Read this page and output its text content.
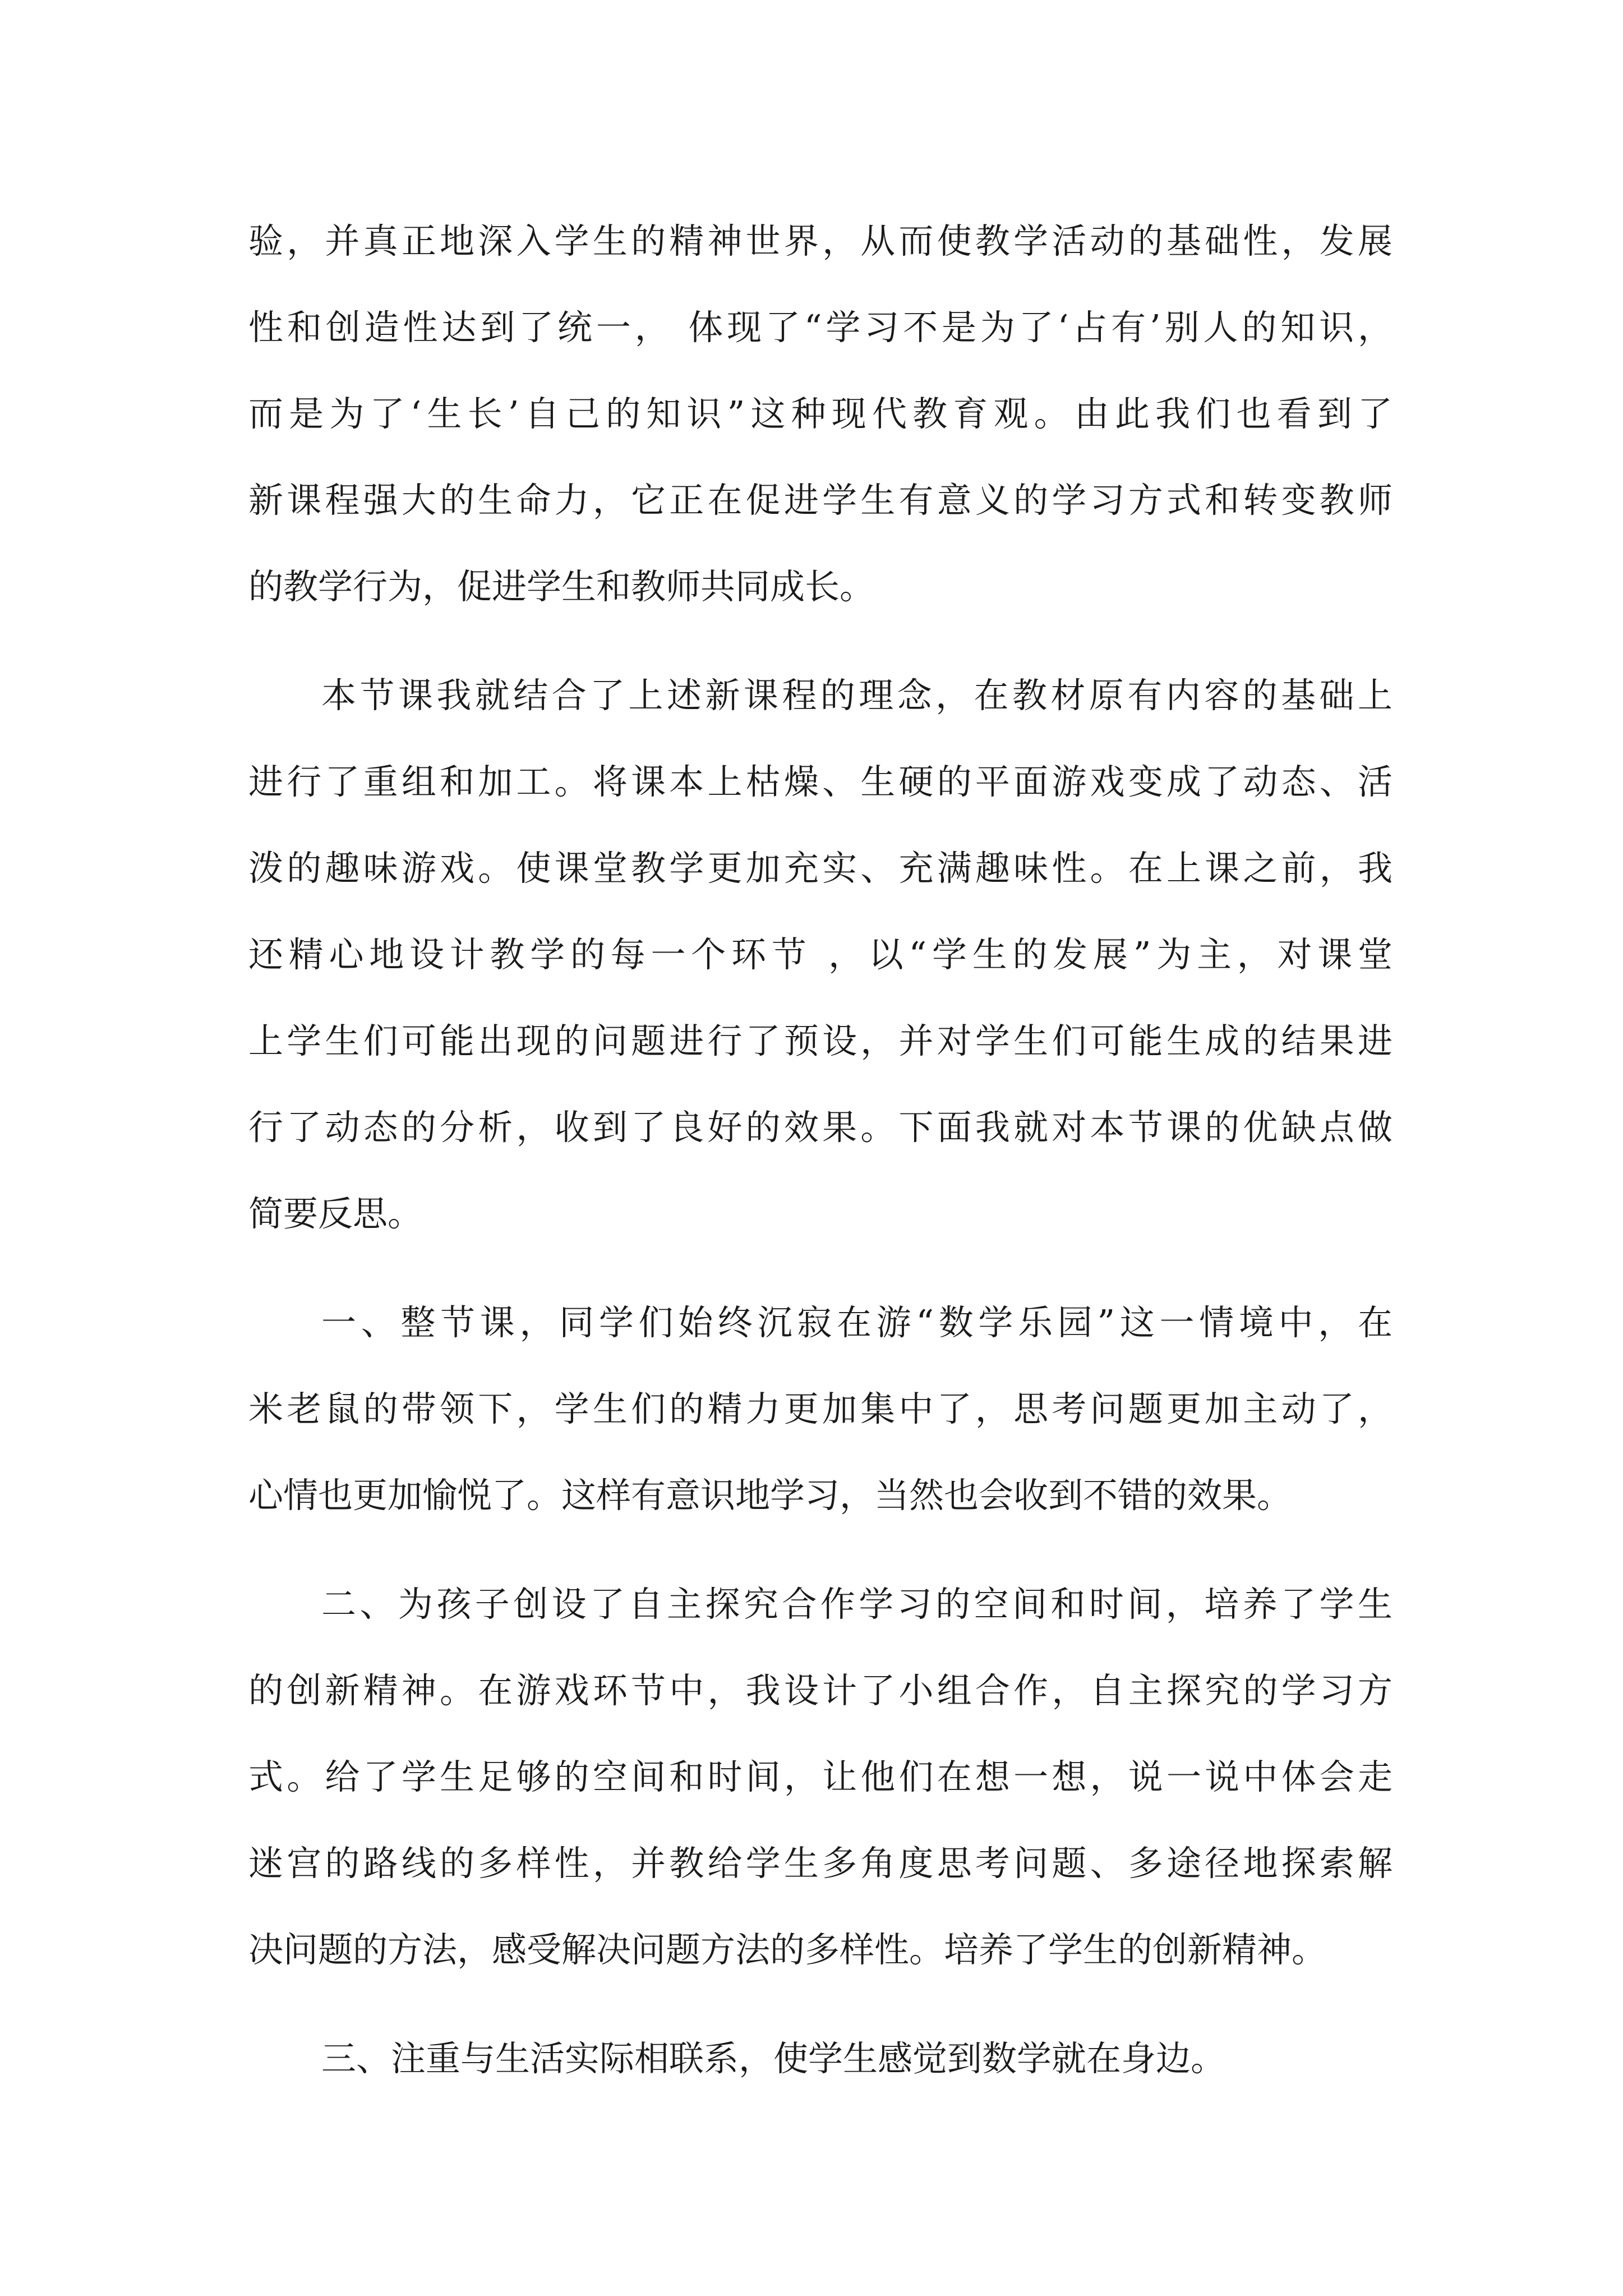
验，并真正地深入学生的精神世界，从而使教学活动的基础性，发展

性和创造性达到了统一， 体现了“学习不是为了‘占有’别人的知识，

而是为了‘生长’自己的知识”这种现代教育观。由此我们也看到了

新课程强大的生命力，它正在促进学生有意义的学习方式和转变教师

的教学行为，促进学生和教师共同成长。

本节课我就结合了上述新课程的理念，在教材原有内容的基础上

进行了重组和加工。将课本上枯燥、生硬的平面游戏变成了动态、活

泼的趣味游戏。使课堂教学更加充实、充满趣味性。在上课之前，我

还精心地设计教学的每一个环节 ，以“学生的发展”为主，对课堂

上学生们可能出现的问题进行了预设，并对学生们可能生成的结果进

行了动态的分析，收到了良好的效果。下面我就对本节课的优缺点做

简要反思。

一、整节课，同学们始终沉寂在游“数学乐园”这一情境中，在

米老鼠的带领下，学生们的精力更加集中了，思考问题更加主动了，

心情也更加愉悦了。这样有意识地学习，当然也会收到不错的效果。

二、为孩子创设了自主探究合作学习的空间和时间，培养了学生

的创新精神。在游戏环节中，我设计了小组合作，自主探究的学习方

式。给了学生足够的空间和时间，让他们在想一想，说一说中体会走

迷宫的路线的多样性，并教给学生多角度思考问题、多途径地探索解

决问题的方法，感受解决问题方法的多样性。培养了学生的创新精神。

三、注重与生活实际相联系，使学生感觉到数学就在身边。
